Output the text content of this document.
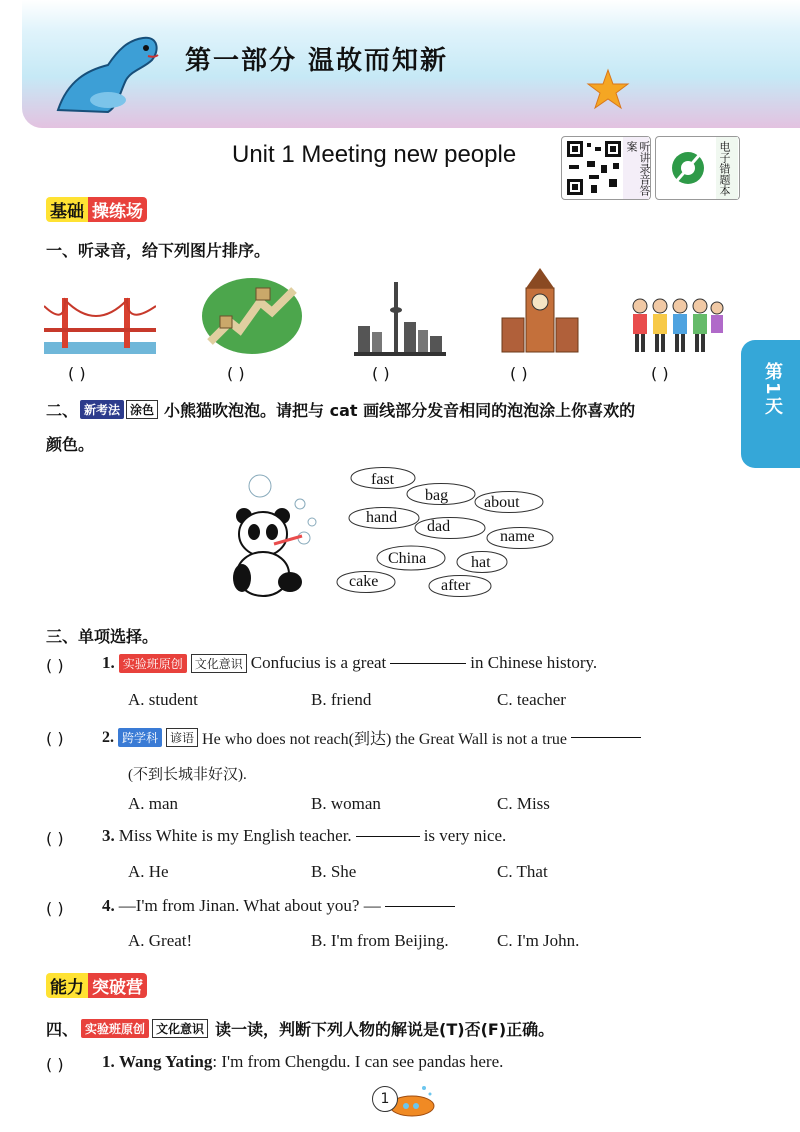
第一部分 温故而知新
Unit 1 Meeting new people	听讲录音答案	电子错题本
第1天
基础 操练场
一、听录音，给下列图片排序。
( )	( )	( )	( )	( )
二、 新考法 涂色 小熊猫吹泡泡。请把与 cat 画线部分发音相同的泡泡涂上你喜欢的
颜色。
fast
bag about
hand
dad
name
China	hat
cake	after
三、单项选择。
( ) 1. 实验班原创	文化意识 Confucius is a great	in Chinese history.
A. student	B. friend	C. teacher
( ) 2. 跨学科	谚语 He who does not reach(到达) the Great Wall is not a true
(不到长城非好汉).
A. man	B. woman	C. Miss
( ) 3. Miss White is my English teacher.	is very nice.
A. He	B. She	C. That
( ) 4. —I'm from Jinan. What about you? —
A. Great!	B. I'm from Beijing.	C. I'm John.
能力 突破营
四、 实验班原创 文化意识 读一读，判断下列人物的解说是(T)否(F)正确。
( ) 1. Wang Yating: I'm from Chengdu. I can see pandas here.
1
